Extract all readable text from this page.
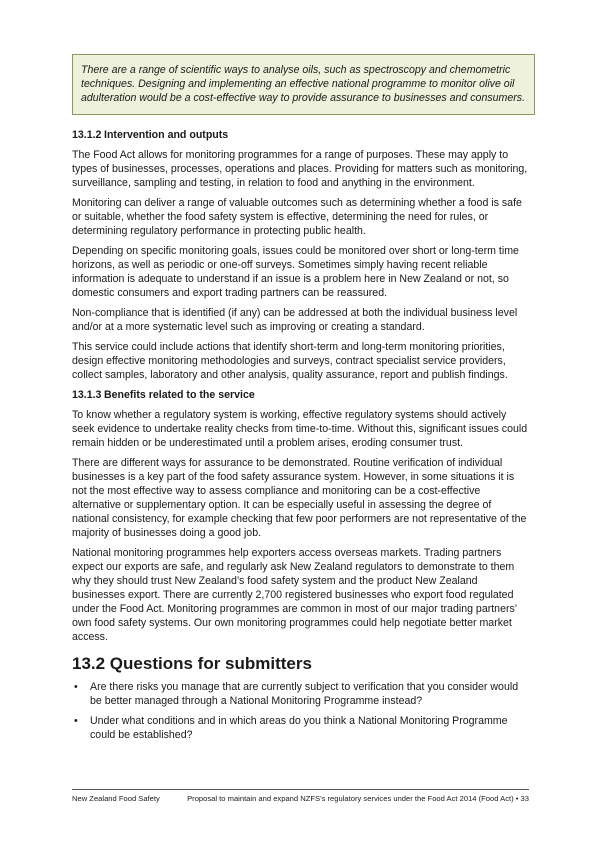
There are a range of scientific ways to analyse oils, such as spectroscopy and chemometric techniques. Designing and implementing an effective national programme to monitor olive oil adulteration would be a cost-effective way to provide assurance to businesses and consumers.
13.1.2 Intervention and outputs

The Food Act allows for monitoring programmes for a range of purposes. These may apply to types of businesses, processes, operations and places. Providing for matters such as monitoring, surveillance, sampling and testing, in relation to food and anything in the environment.

Monitoring can deliver a range of valuable outcomes such as determining whether a food is safe or suitable, whether the food safety system is effective, determining the need for rules, or determining regulatory performance in protecting public health.

Depending on specific monitoring goals, issues could be monitored over short or long-term time horizons, as well as periodic or one-off surveys. Sometimes simply having recent reliable information is adequate to understand if an issue is a problem here in New Zealand or not, so domestic consumers and export trading partners can be reassured.

Non-compliance that is identified (if any) can be addressed at both the individual business level and/or at a more systematic level such as improving or creating a standard.

This service could include actions that identify short-term and long-term monitoring priorities, design effective monitoring methodologies and surveys, contract specialist service providers, collect samples, laboratory and other analysis, quality assurance, report and publish findings.

13.1.3 Benefits related to the service

To know whether a regulatory system is working, effective regulatory systems should actively seek evidence to undertake reality checks from time-to-time. Without this, significant issues could remain hidden or be underestimated until a problem arises, eroding consumer trust.

There are different ways for assurance to be demonstrated. Routine verification of individual businesses is a key part of the food safety assurance system. However, in some situations it is not the most effective way to assess compliance and monitoring can be a cost-effective alternative or supplementary option. It can be especially useful in assessing the degree of national consistency, for example checking that few poor performers are not representative of the majority of businesses doing a good job.

National monitoring programmes help exporters access overseas markets. Trading partners expect our exports are safe, and regularly ask New Zealand regulators to demonstrate to them why they should trust New Zealand’s food safety system and the product New Zealand businesses export. There are currently 2,700 registered businesses who export food regulated under the Food Act. Monitoring programmes are common in most of our major trading partners’ own food safety systems. Our own monitoring programmes could help negotiate better market access.

13.2 Questions for submitters
• Are there risks you manage that are currently subject to verification that you consider would be better managed through a National Monitoring Programme instead?
• Under what conditions and in which areas do you think a National Monitoring Programme could be established?
New Zealand Food Safety	Proposal to maintain and expand NZFS’s regulatory services under the Food Act 2014 (Food Act) • 33
